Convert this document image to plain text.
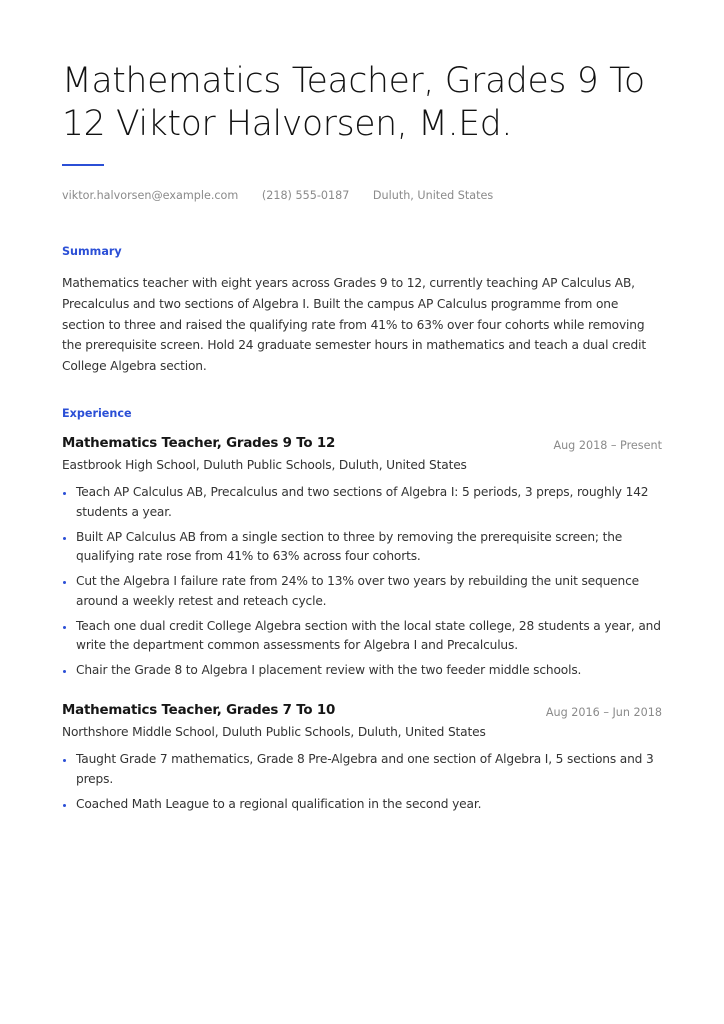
Mathematics Teacher, Grades 9 To 12 Viktor Halvorsen, M.Ed.
viktor.halvorsen@example.com (218) 555-0187 Duluth, United States
Summary

Mathematics teacher with eight years across Grades 9 to 12, currently teaching AP Calculus AB, Precalculus and two sections of Algebra I. Built the campus AP Calculus programme from one section to three and raised the qualifying rate from 41% to 63% over four cohorts while removing the prerequisite screen. Hold 24 graduate semester hours in mathematics and teach a dual credit College Algebra section.

Experience
Mathematics Teacher, Grades 9 To 12	Aug 2018 – Present
Eastbrook High School, Duluth Public Schools, Duluth, United States
Teach AP Calculus AB, Precalculus and two sections of Algebra I: 5 periods, 3 preps, roughly 142 students a year.
Built AP Calculus AB from a single section to three by removing the prerequisite screen; the qualifying rate rose from 41% to 63% across four cohorts.
Cut the Algebra I failure rate from 24% to 13% over two years by rebuilding the unit sequence around a weekly retest and reteach cycle.
Teach one dual credit College Algebra section with the local state college, 28 students a year, and write the department common assessments for Algebra I and Precalculus.
Chair the Grade 8 to Algebra I placement review with the two feeder middle schools.
Mathematics Teacher, Grades 7 To 10	Aug 2016 – Jun 2018
Northshore Middle School, Duluth Public Schools, Duluth, United States
Taught Grade 7 mathematics, Grade 8 Pre-Algebra and one section of Algebra I, 5 sections and 3 preps.
Coached Math League to a regional qualification in the second year.
